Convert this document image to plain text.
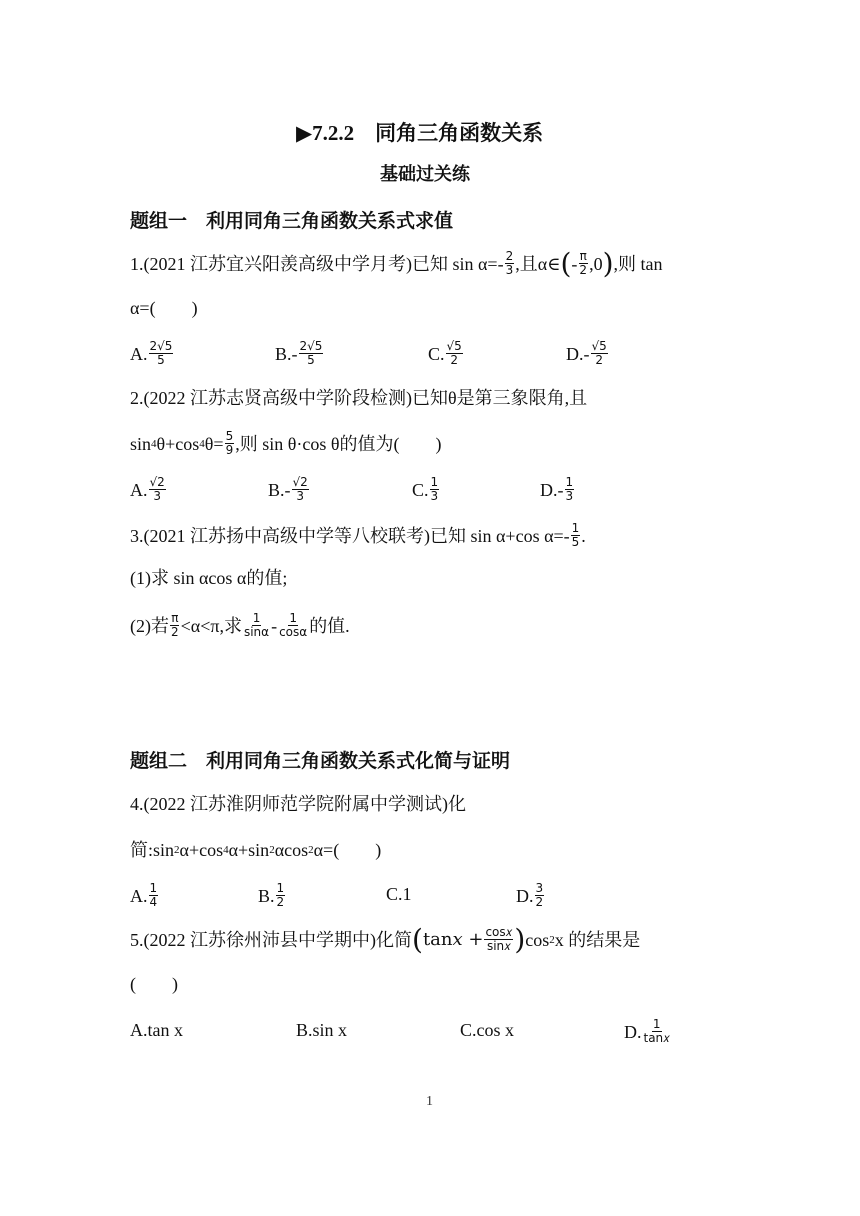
▶7.2.2　同角三角函数关系
基础过关练
题组一　利用同角三角函数关系式求值
1.(2021 江苏宜兴阳羡高级中学月考)已知 $\sin \alpha=- \frac{2}{3}$ ,且α∈ ( - $\frac{\pi}{2} ,0$ ) ,则 tan
α=(　　)
A. $\frac{2√5}{5}$	$B.- \frac{2√5}{5}$	C. $\frac{√5}{2}$	$D.- \frac{√5}{2}$
2.(2022 江苏志贤高级中学阶段检测)已知θ是第三象限角,且
sin 4 θ+cos 4 $\theta= \frac{5}{9}$ ,则 sin θ·cos θ的值为(　　)
A. $\frac{√2}{3}$	$B.- \frac{√2}{3}$	C. $\frac{1}{3}$	$D.- \frac{1}{3}$
3.(2021 江苏扬中高级中学等八校联考)已知 sin α+cos $\alpha=- \frac{1}{5}$ .
(1)求 sin αcos α的值;
(2)若 $\frac{\pi}{2} <\alpha<\pi$,求 $\frac{1}{\sin\alpha} - \frac{1}{\cos\alpha}$ 的值.
题组二　利用同角三角函数关系式化简与证明
4.(2022 江苏淮阴师范学院附属中学测试)化
简:sin 2 α+cos 4 α+sin 2 αcos 2 α=(　　)
A. $\frac{1}{4}$	B. $\frac{1}{2}$	C.1	D. $\frac{3}{2}$
5.(2022 江苏徐州沛县中学期中)化简 ( tan𝑥 + $\frac{\text{cos𝑥}}{\text{sin𝑥}}$ ) cos 2 x 的结果是
(　　)
A.tan x	B.sin x	C.cos x	D. $\frac{1}{\text{tan𝑥}}$
1
